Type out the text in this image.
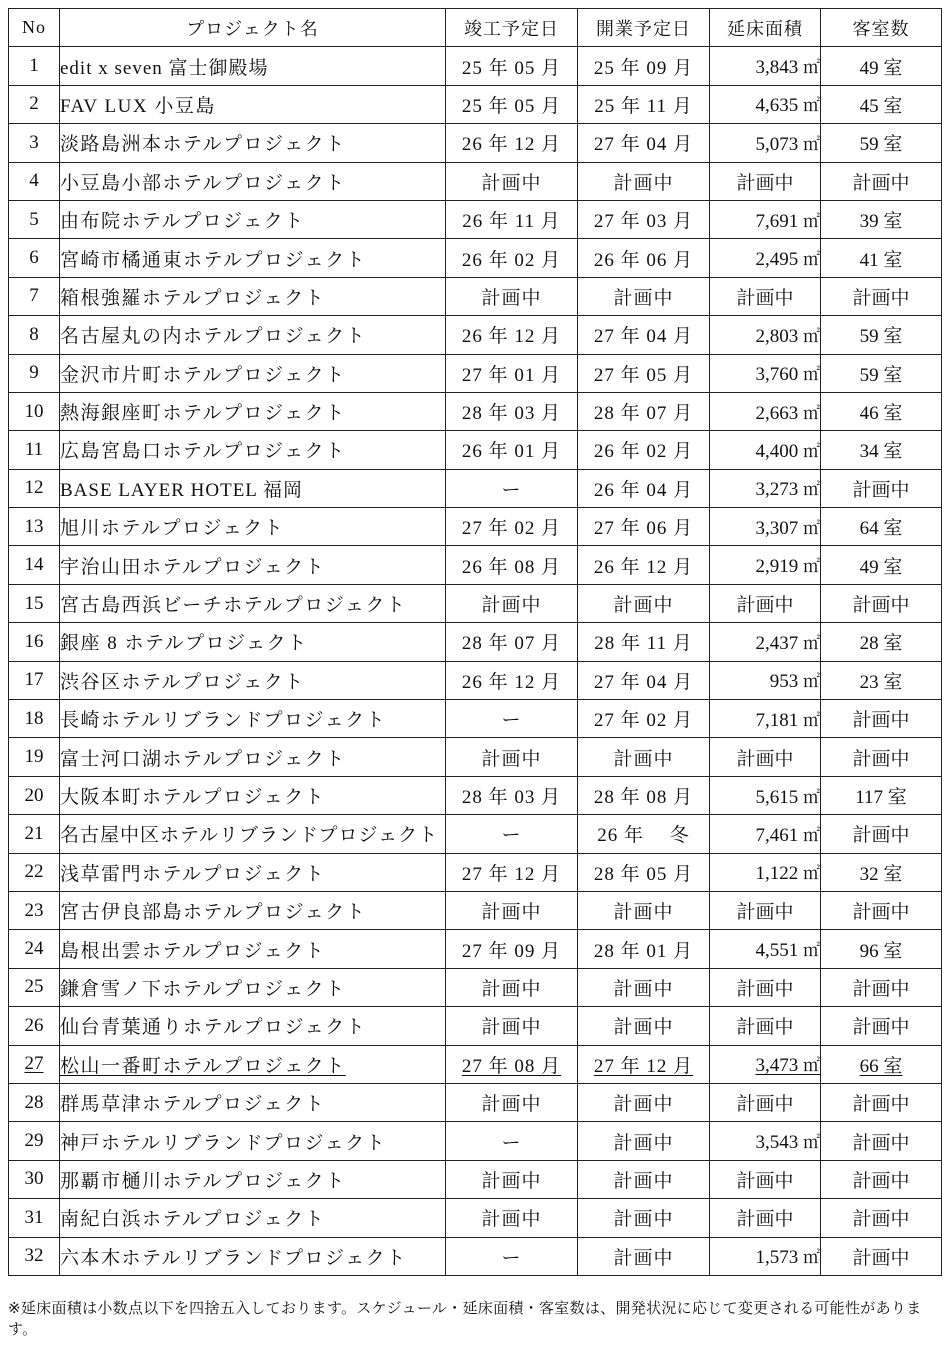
No	プロジェクト名	竣工予定日	開業予定日	延床面積	客室数
1	edit x seven 富士御殿場	25 年 05 月	25 年 09 月	3,843 ㎡	49 室
2	FAV LUX 小豆島	25 年 05 月	25 年 11 月	4,635 ㎡	45 室
3	淡路島洲本ホテルプロジェクト	26 年 12 月	27 年 04 月	5,073 ㎡	59 室
4	小豆島小部ホテルプロジェクト	計画中	計画中	計画中	計画中
5	由布院ホテルプロジェクト	26 年 11 月	27 年 03 月	7,691 ㎡	39 室
6	宮崎市橘通東ホテルプロジェクト	26 年 02 月	26 年 06 月	2,495 ㎡	41 室
7	箱根強羅ホテルプロジェクト	計画中	計画中	計画中	計画中
8	名古屋丸の内ホテルプロジェクト	26 年 12 月	27 年 04 月	2,803 ㎡	59 室
9	金沢市片町ホテルプロジェクト	27 年 01 月	27 年 05 月	3,760 ㎡	59 室
10	熱海銀座町ホテルプロジェクト	28 年 03 月	28 年 07 月	2,663 ㎡	46 室
11	広島宮島口ホテルプロジェクト	26 年 01 月	26 年 02 月	4,400 ㎡	34 室
12	BASE LAYER HOTEL 福岡	ー	26 年 04 月	3,273 ㎡	計画中
13	旭川ホテルプロジェクト	27 年 02 月	27 年 06 月	3,307 ㎡	64 室
14	宇治山田ホテルプロジェクト	26 年 08 月	26 年 12 月	2,919 ㎡	49 室
15	宮古島西浜ビーチホテルプロジェクト	計画中	計画中	計画中	計画中
16	銀座 8 ホテルプロジェクト	28 年 07 月	28 年 11 月	2,437 ㎡	28 室
17	渋谷区ホテルプロジェクト	26 年 12 月	27 年 04 月	953 ㎡	23 室
18	長崎ホテルリブランドプロジェクト	ー	27 年 02 月	7,181 ㎡	計画中
19	富士河口湖ホテルプロジェクト	計画中	計画中	計画中	計画中
20	大阪本町ホテルプロジェクト	28 年 03 月	28 年 08 月	5,615 ㎡	117 室
21	名古屋中区ホテルリブランドプロジェクト	ー	26 年　 冬	7,461 ㎡	計画中
22	浅草雷門ホテルプロジェクト	27 年 12 月	28 年 05 月	1,122 ㎡	32 室
23	宮古伊良部島ホテルプロジェクト	計画中	計画中	計画中	計画中
24	島根出雲ホテルプロジェクト	27 年 09 月	28 年 01 月	4,551 ㎡	96 室
25	鎌倉雪ノ下ホテルプロジェクト	計画中	計画中	計画中	計画中
26	仙台青葉通りホテルプロジェクト	計画中	計画中	計画中	計画中
27	松山一番町ホテルプロジェクト	27 年 08 月	27 年 12 月	3,473 ㎡	66 室
28	群馬草津ホテルプロジェクト	計画中	計画中	計画中	計画中
29	神戸ホテルリブランドプロジェクト	ー	計画中	3,543 ㎡	計画中
30	那覇市樋川ホテルプロジェクト	計画中	計画中	計画中	計画中
31	南紀白浜ホテルプロジェクト	計画中	計画中	計画中	計画中
32	六本木ホテルリブランドプロジェクト	ー	計画中	1,573 ㎡	計画中
※延床面積は小数点以下を四捨五入しております。スケジュール・延床面積・客室数は、開発状況に応じて変更される可能性があります。
